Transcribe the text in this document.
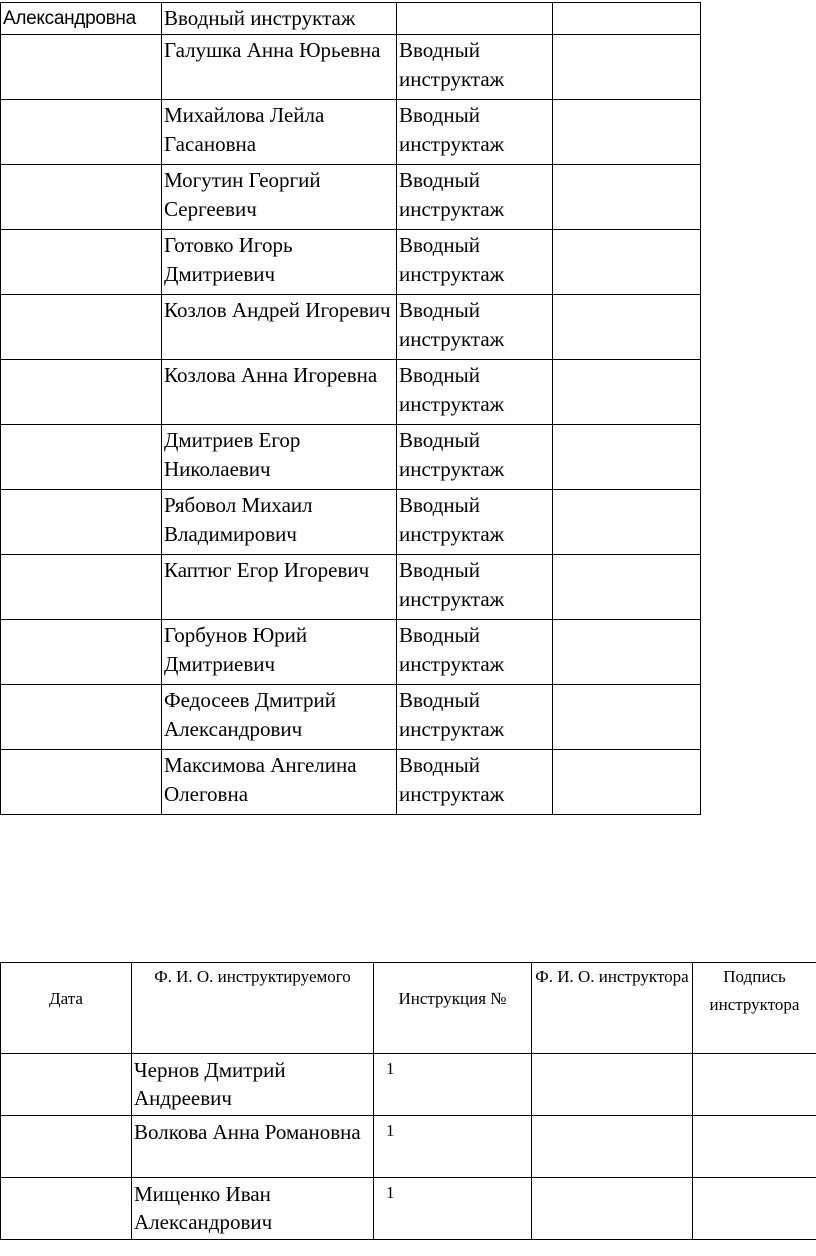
Александровна	Вводный инструктаж		
	Галушка Анна Юрьевна	Вводный инструктаж	
	Михайлова Лейла Гасановна	Вводный инструктаж	
	Могутин Георгий Сергеевич	Вводный инструктаж	
	Готовко Игорь Дмитриевич	Вводный инструктаж	
	Козлов Андрей Игоревич	Вводный инструктаж	
	Козлова Анна Игоревна	Вводный инструктаж	
	Дмитриев Егор Николаевич	Вводный инструктаж	
	Рябовол Михаил Владимирович	Вводный инструктаж	
	Каптюг Егор Игоревич	Вводный инструктаж	
	Горбунов Юрий Дмитриевич	Вводный инструктаж	
	Федосеев Дмитрий Александрович	Вводный инструктаж	
	Максимова Ангелина Олеговна	Вводный инструктаж	
Дата	Ф. И. О. инструктируемого	Инструкция №	Ф. И. О. инструктора	Подпись инструктора
	Чернов Дмитрий Андреевич	1		
	Волкова Анна Романовна	1		
	Мищенко Иван Александрович	1		
